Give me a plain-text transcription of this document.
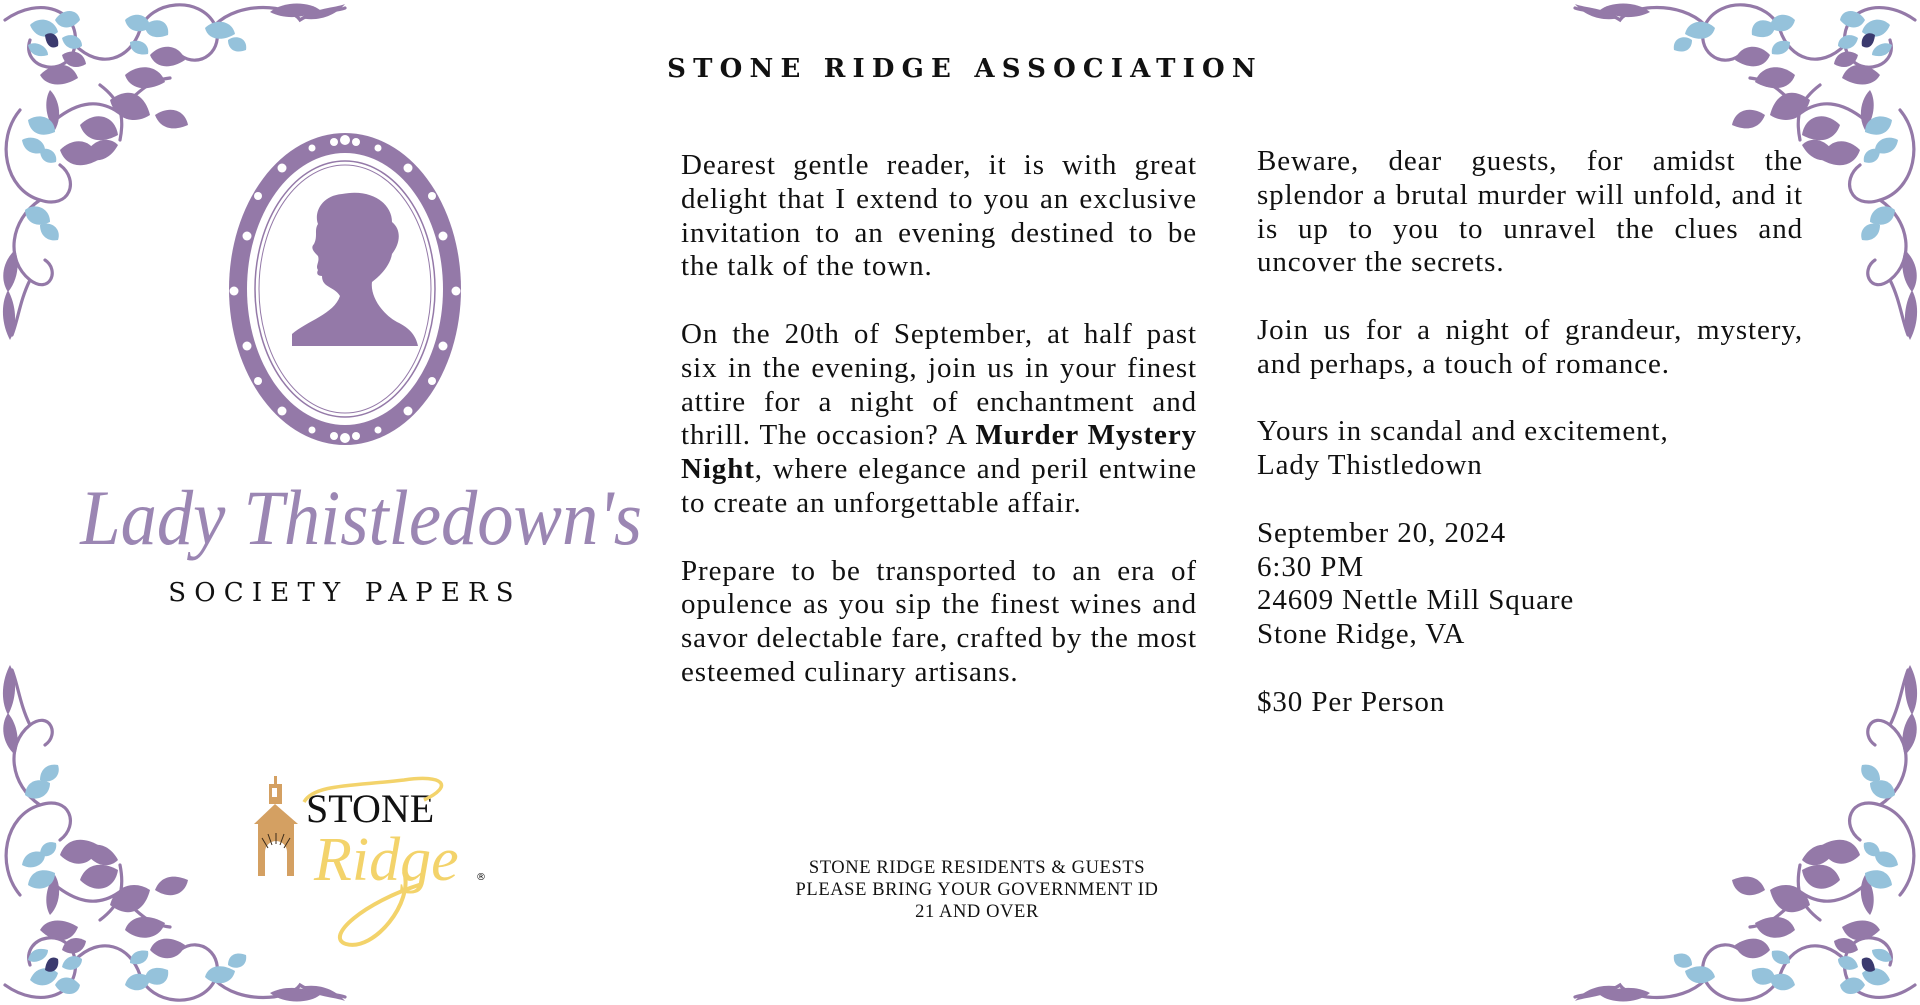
STONE RIDGE ASSOCIATION
Lady Thistledown's
SOCIETY PAPERS
STONE
Ridge ®

Dearest gentle reader, it is with great delight that I extend to you an exclusive invitation to an evening destined to be the talk of the town.

On the 20th of September, at half past six in the evening, join us in your finest attire for a night of enchantment and thrill. The occasion? A Murder Mystery Night, where elegance and peril entwine to create an unforgettable affair.

Prepare to be transported to an era of opulence as you sip the finest wines and savor delectable fare, crafted by the most esteemed culinary artisans.

Beware, dear guests, for amidst the splendor a brutal murder will unfold, and it is up to you to unravel the clues and uncover the secrets.

Join us for a night of grandeur, mystery, and perhaps, a touch of romance.

Yours in scandal and excitement,
Lady Thistledown

September 20, 2024
6:30 PM
24609 Nettle Mill Square
Stone Ridge, VA

$30 Per Person

STONE RIDGE RESIDENTS & GUESTS
PLEASE BRING YOUR GOVERNMENT ID
21 AND OVER
